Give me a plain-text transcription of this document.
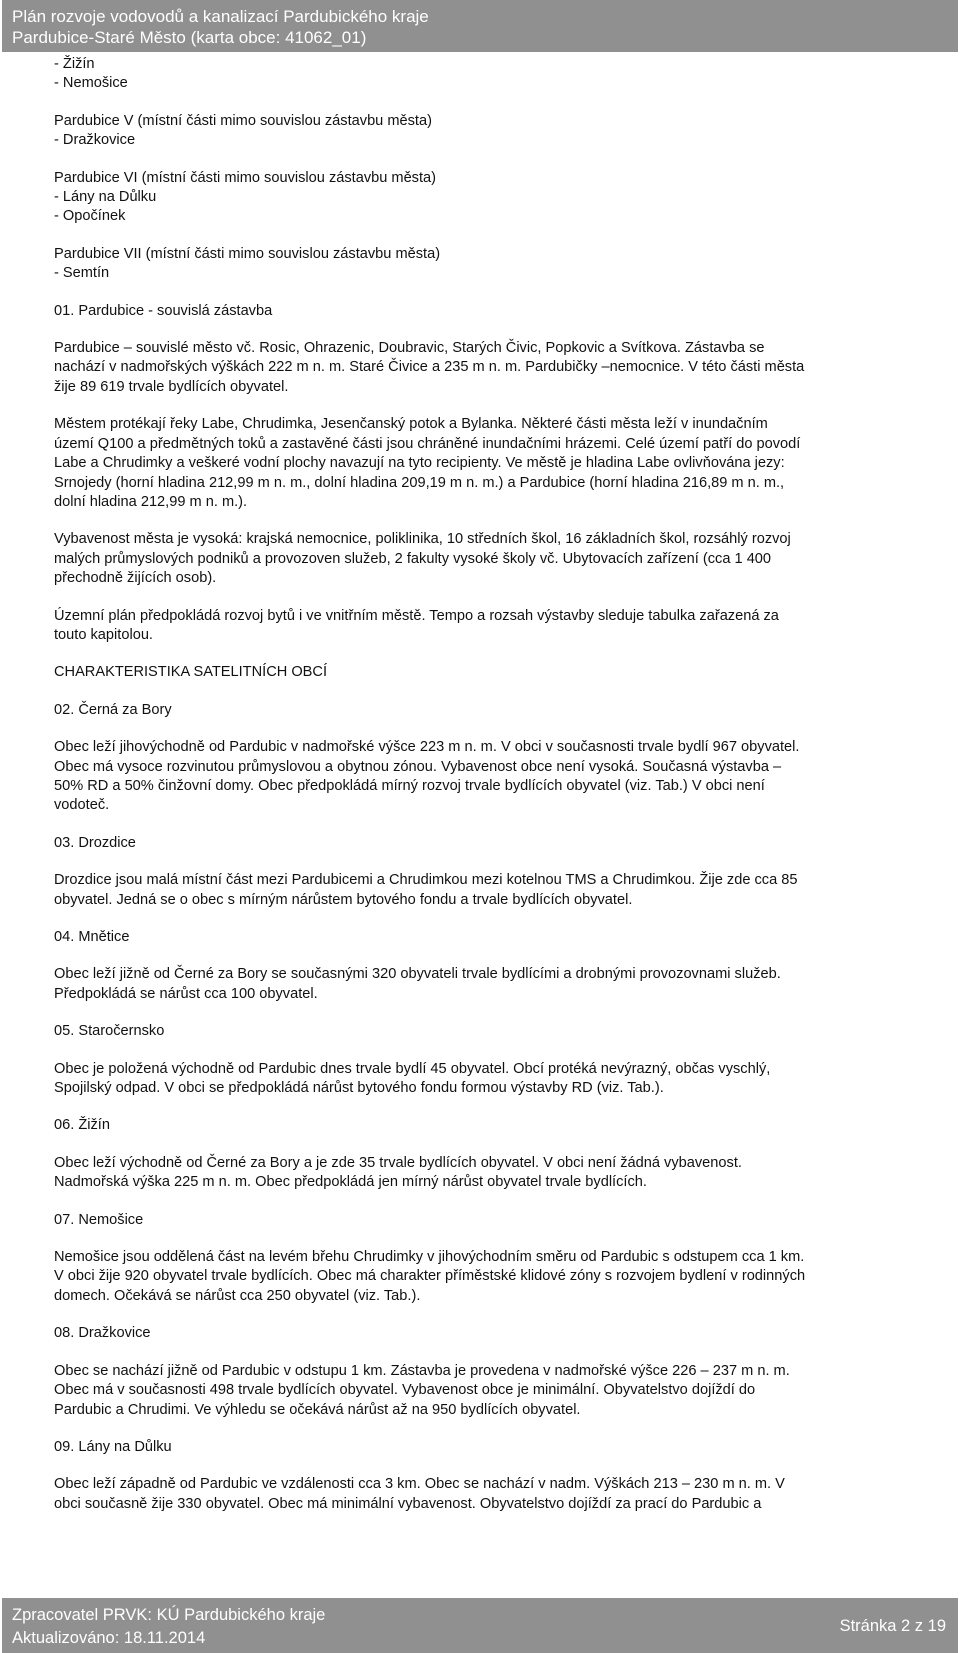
Plán rozvoje vodovodů a kanalizací Pardubického kraje
Pardubice-Staré Město (karta obce: 41062_01)

- Žižín
- Nemošice

Pardubice V (místní části mimo souvislou zástavbu města)
- Dražkovice

Pardubice VI (místní části mimo souvislou zástavbu města)
- Lány na Důlku
- Opočínek

Pardubice VII (místní části mimo souvislou zástavbu města)
- Semtín

01. Pardubice - souvislá zástavba

Pardubice – souvislé město vč. Rosic, Ohrazenic, Doubravic, Starých Čivic, Popkovic a Svítkova. Zástavba se
nachází v nadmořských výškách 222 m n. m. Staré Čivice a 235 m n. m. Pardubičky –nemocnice. V této části města
žije 89 619 trvale bydlících obyvatel.

Městem protékají řeky Labe, Chrudimka, Jesenčanský potok a Bylanka. Některé části města leží v inundačním
území Q100 a předmětných toků a zastavěné části jsou chráněné inundačními hrázemi. Celé území patří do povodí
Labe a Chrudimky a veškeré vodní plochy navazují na tyto recipienty. Ve městě je hladina Labe ovlivňována jezy:
Srnojedy (horní hladina 212,99 m n. m., dolní hladina 209,19 m n. m.) a Pardubice (horní hladina 216,89 m n. m.,
dolní hladina 212,99 m n. m.).

Vybavenost města je vysoká: krajská nemocnice, poliklinika, 10 středních škol, 16 základních škol, rozsáhlý rozvoj
malých průmyslových podniků a provozoven služeb, 2 fakulty vysoké školy vč. Ubytovacích zařízení (cca 1 400
přechodně žijících osob).

Územní plán předpokládá rozvoj bytů i ve vnitřním městě. Tempo a rozsah výstavby sleduje tabulka zařazená za
touto kapitolou.

CHARAKTERISTIKA SATELITNÍCH OBCÍ

02. Černá za Bory

Obec leží jihovýchodně od Pardubic v nadmořské výšce 223 m n. m. V obci v současnosti trvale bydlí 967 obyvatel.
Obec má vysoce rozvinutou průmyslovou a obytnou zónou. Vybavenost obce není vysoká. Současná výstavba –
50% RD a 50% činžovní domy. Obec předpokládá mírný rozvoj trvale bydlících obyvatel (viz. Tab.) V obci není
vodoteč.

03. Drozdice

Drozdice jsou malá místní část mezi Pardubicemi a Chrudimkou mezi kotelnou TMS a Chrudimkou. Žije zde cca 85
obyvatel. Jedná se o obec s mírným nárůstem bytového fondu a trvale bydlících obyvatel.

04. Mnětice

Obec leží jižně od Černé za Bory se současnými 320 obyvateli trvale bydlícími a drobnými provozovnami služeb.
Předpokládá se nárůst cca 100 obyvatel.

05. Staročernsko

Obec je položená východně od Pardubic dnes trvale bydlí 45 obyvatel. Obcí protéká nevýrazný, občas vyschlý,
Spojilský odpad. V obci se předpokládá nárůst bytového fondu formou výstavby RD (viz. Tab.).

06. Žižín

Obec leží východně od Černé za Bory a je zde 35 trvale bydlících obyvatel. V obci není žádná vybavenost.
Nadmořská výška 225 m n. m. Obec předpokládá jen mírný nárůst obyvatel trvale bydlících.

07. Nemošice

Nemošice jsou oddělená část na levém břehu Chrudimky v jihovýchodním směru od Pardubic s odstupem cca 1 km.
V obci žije 920 obyvatel trvale bydlících. Obec má charakter příměstské klidové zóny s rozvojem bydlení v rodinných
domech. Očekává se nárůst cca 250 obyvatel (viz. Tab.).

08. Dražkovice

Obec se nachází jižně od Pardubic v odstupu 1 km. Zástavba je provedena v nadmořské výšce 226 – 237 m n. m.
Obec má v současnosti 498 trvale bydlících obyvatel. Vybavenost obce je minimální. Obyvatelstvo dojíždí do
Pardubic a Chrudimi. Ve výhledu se očekává nárůst až na 950 bydlících obyvatel.

09. Lány na Důlku

Obec leží západně od Pardubic ve vzdálenosti cca 3 km. Obec se nachází v nadm. Výškách 213 – 230 m n. m. V
obci současně žije 330 obyvatel. Obec má minimální vybavenost. Obyvatelstvo dojíždí za prací do Pardubic a

Zpracovatel PRVK: KÚ Pardubického kraje
Aktualizováno: 18.11.2014
Stránka 2 z 19
